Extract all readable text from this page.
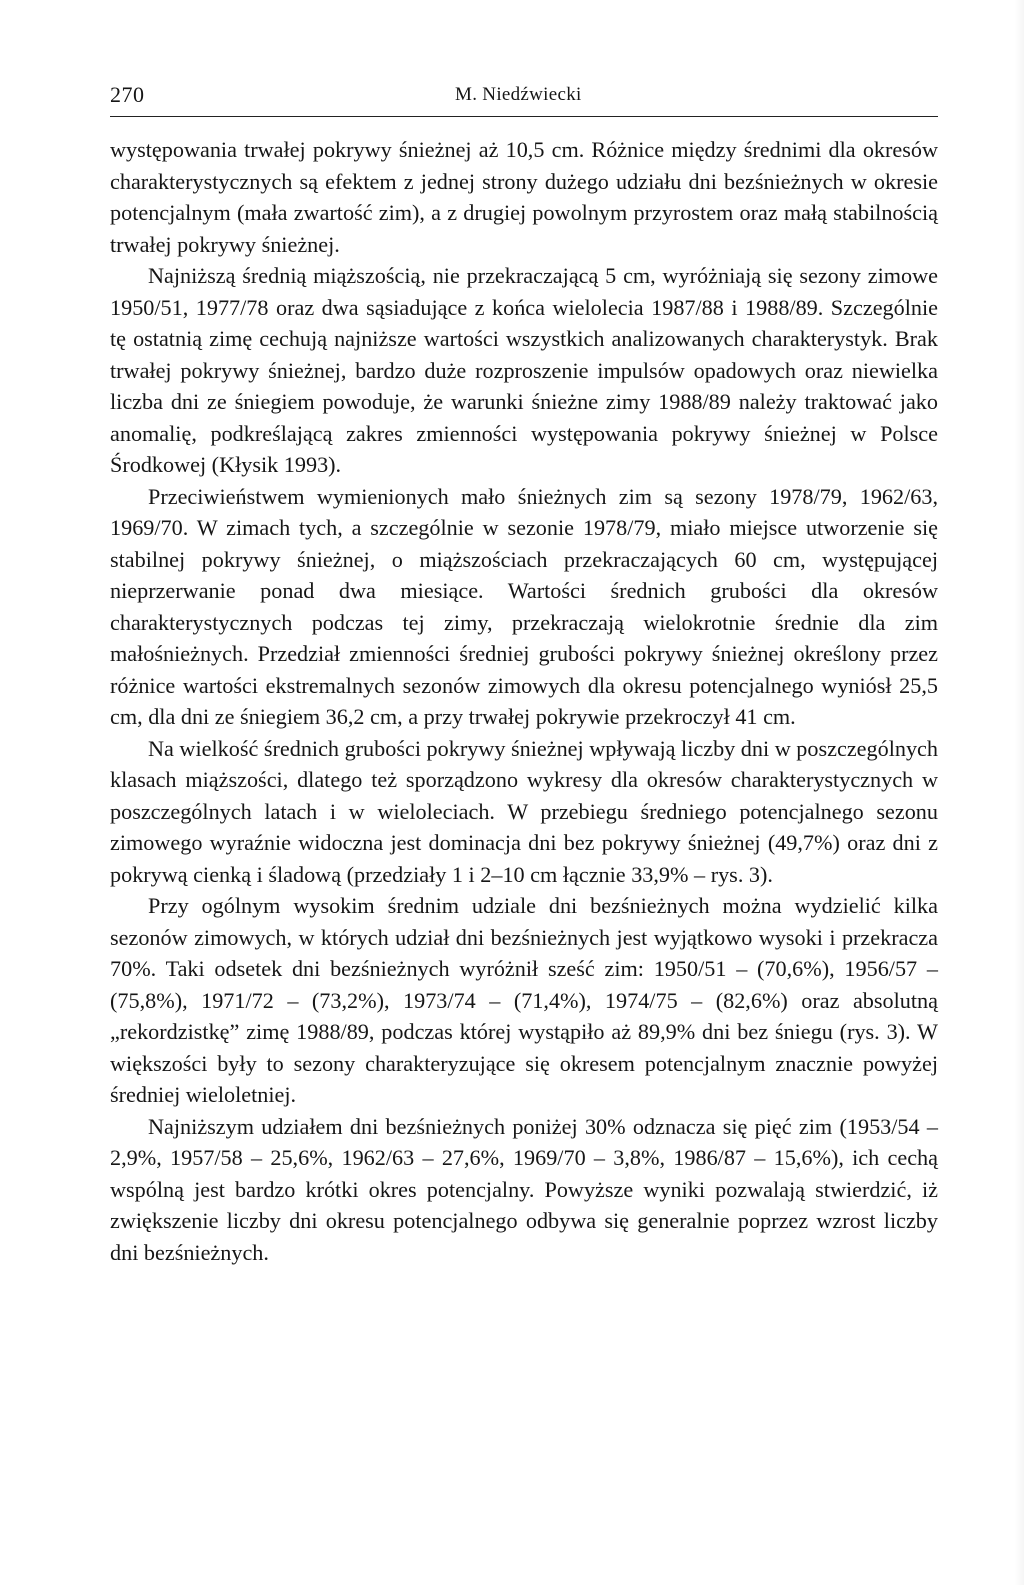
270	M. Niedźwiecki

występowania trwałej pokrywy śnieżnej aż 10,5 cm. Różnice między średnimi dla okresów charakterystycznych są efektem z jednej strony dużego udziału dni bezśnieżnych w okresie potencjalnym (mała zwartość zim), a z drugiej powolnym przyrostem oraz małą stabilnością trwałej pokrywy śnieżnej.

Najniższą średnią miąższością, nie przekraczającą 5 cm, wyróżniają się sezony zimowe 1950/51, 1977/78 oraz dwa sąsiadujące z końca wielolecia 1987/88 i 1988/89. Szczególnie tę ostatnią zimę cechują najniższe wartości wszystkich analizowanych charakterystyk. Brak trwałej pokrywy śnieżnej, bardzo duże rozproszenie impulsów opadowych oraz niewielka liczba dni ze śniegiem powoduje, że warunki śnieżne zimy 1988/89 należy traktować jako anomalię, podkreślającą zakres zmienności występowania pokrywy śnieżnej w Polsce Środkowej (Kłysik 1993).

Przeciwieństwem wymienionych mało śnieżnych zim są sezony 1978/79, 1962/63, 1969/70. W zimach tych, a szczególnie w sezonie 1978/79, miało miejsce utworzenie się stabilnej pokrywy śnieżnej, o miąższościach przekraczających 60 cm, występującej nieprzerwanie ponad dwa miesiące. Wartości średnich grubości dla okresów charakterystycznych podczas tej zimy, przekraczają wielokrotnie średnie dla zim małośnieżnych. Przedział zmienności średniej grubości pokrywy śnieżnej określony przez różnice wartości ekstremalnych sezonów zimowych dla okresu potencjalnego wyniósł 25,5 cm, dla dni ze śniegiem 36,2 cm, a przy trwałej pokrywie przekroczył 41 cm.

Na wielkość średnich grubości pokrywy śnieżnej wpływają liczby dni w poszczególnych klasach miąższości, dlatego też sporządzono wykresy dla okresów charakterystycznych w poszczególnych latach i w wieloleciach. W przebiegu średniego potencjalnego sezonu zimowego wyraźnie widoczna jest dominacja dni bez pokrywy śnieżnej (49,7%) oraz dni z pokrywą cienką i śladową (przedziały 1 i 2–10 cm łącznie 33,9% – rys. 3).

Przy ogólnym wysokim średnim udziale dni bezśnieżnych można wydzielić kilka sezonów zimowych, w których udział dni bezśnieżnych jest wyjątkowo wysoki i przekracza 70%. Taki odsetek dni bezśnieżnych wyróżnił sześć zim: 1950/51 – (70,6%), 1956/57 – (75,8%), 1971/72 – (73,2%), 1973/74 – (71,4%), 1974/75 – (82,6%) oraz absolutną „rekordzistkę” zimę 1988/89, podczas której wystąpiło aż 89,9% dni bez śniegu (rys. 3). W większości były to sezony charakteryzujące się okresem potencjalnym znacznie powyżej średniej wieloletniej.

Najniższym udziałem dni bezśnieżnych poniżej 30% odznacza się pięć zim (1953/54 – 2,9%, 1957/58 – 25,6%, 1962/63 – 27,6%, 1969/70 – 3,8%, 1986/87 – 15,6%), ich cechą wspólną jest bardzo krótki okres potencjalny. Powyższe wyniki pozwalają stwierdzić, iż zwiększenie liczby dni okresu potencjalnego odbywa się generalnie poprzez wzrost liczby dni bezśnieżnych.
